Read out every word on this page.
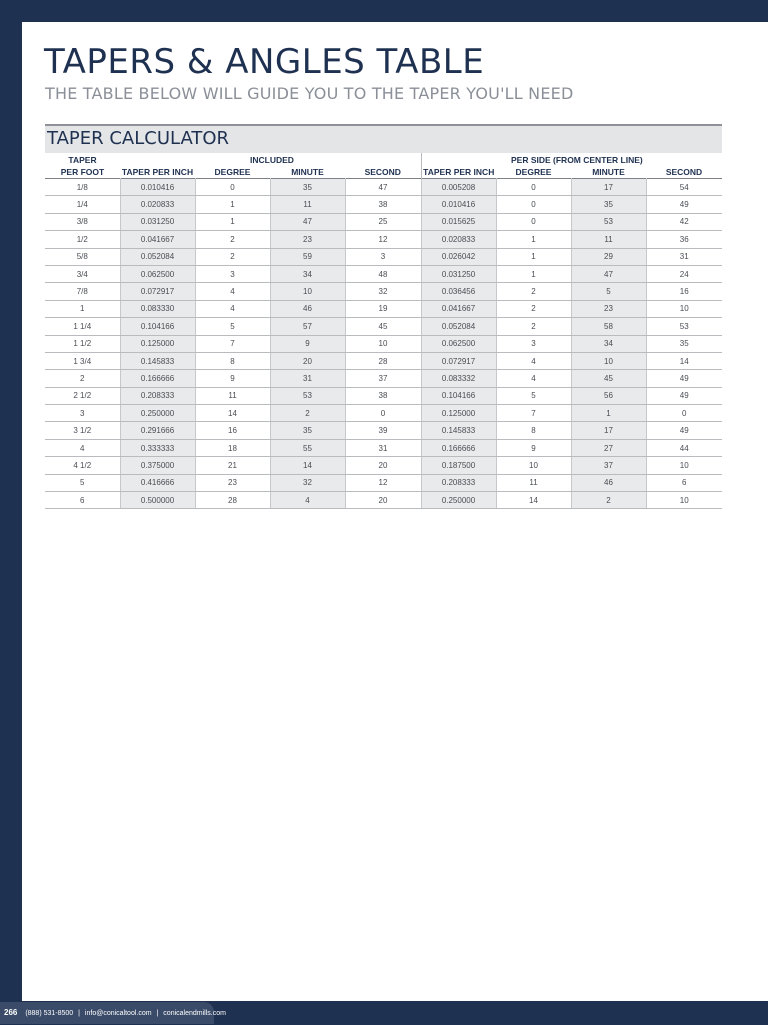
TAPERS & ANGLES TABLE
THE TABLE BELOW WILL GUIDE YOU TO THE TAPER YOU'LL NEED
TAPER CALCULATOR
TAPER		INCLUDED				PER SIDE (FROM CENTER LINE)		
PER FOOT	TAPER PER INCH	DEGREE	MINUTE	SECOND	TAPER PER INCH	DEGREE	MINUTE	SECOND
1/8	0.010416	0	35	47	0.005208	0	17	54
1/4	0.020833	1	11	38	0.010416	0	35	49
3/8	0.031250	1	47	25	0.015625	0	53	42
1/2	0.041667	2	23	12	0.020833	1	11	36
5/8	0.052084	2	59	3	0.026042	1	29	31
3/4	0.062500	3	34	48	0.031250	1	47	24
7/8	0.072917	4	10	32	0.036456	2	5	16
1	0.083330	4	46	19	0.041667	2	23	10
1 1/4	0.104166	5	57	45	0.052084	2	58	53
1 1/2	0.125000	7	9	10	0.062500	3	34	35
1 3/4	0.145833	8	20	28	0.072917	4	10	14
2	0.166666	9	31	37	0.083332	4	45	49
2 1/2	0.208333	11	53	38	0.104166	5	56	49
3	0.250000	14	2	0	0.125000	7	1	0
3 1/2	0.291666	16	35	39	0.145833	8	17	49
4	0.333333	18	55	31	0.166666	9	27	44
4 1/2	0.375000	21	14	20	0.187500	10	37	10
5	0.416666	23	32	12	0.208333	11	46	6
6	0.500000	28	4	20	0.250000	14	2	10
266 (888) 531-8500 | info@conicaltool.com | conicalendmills.com
